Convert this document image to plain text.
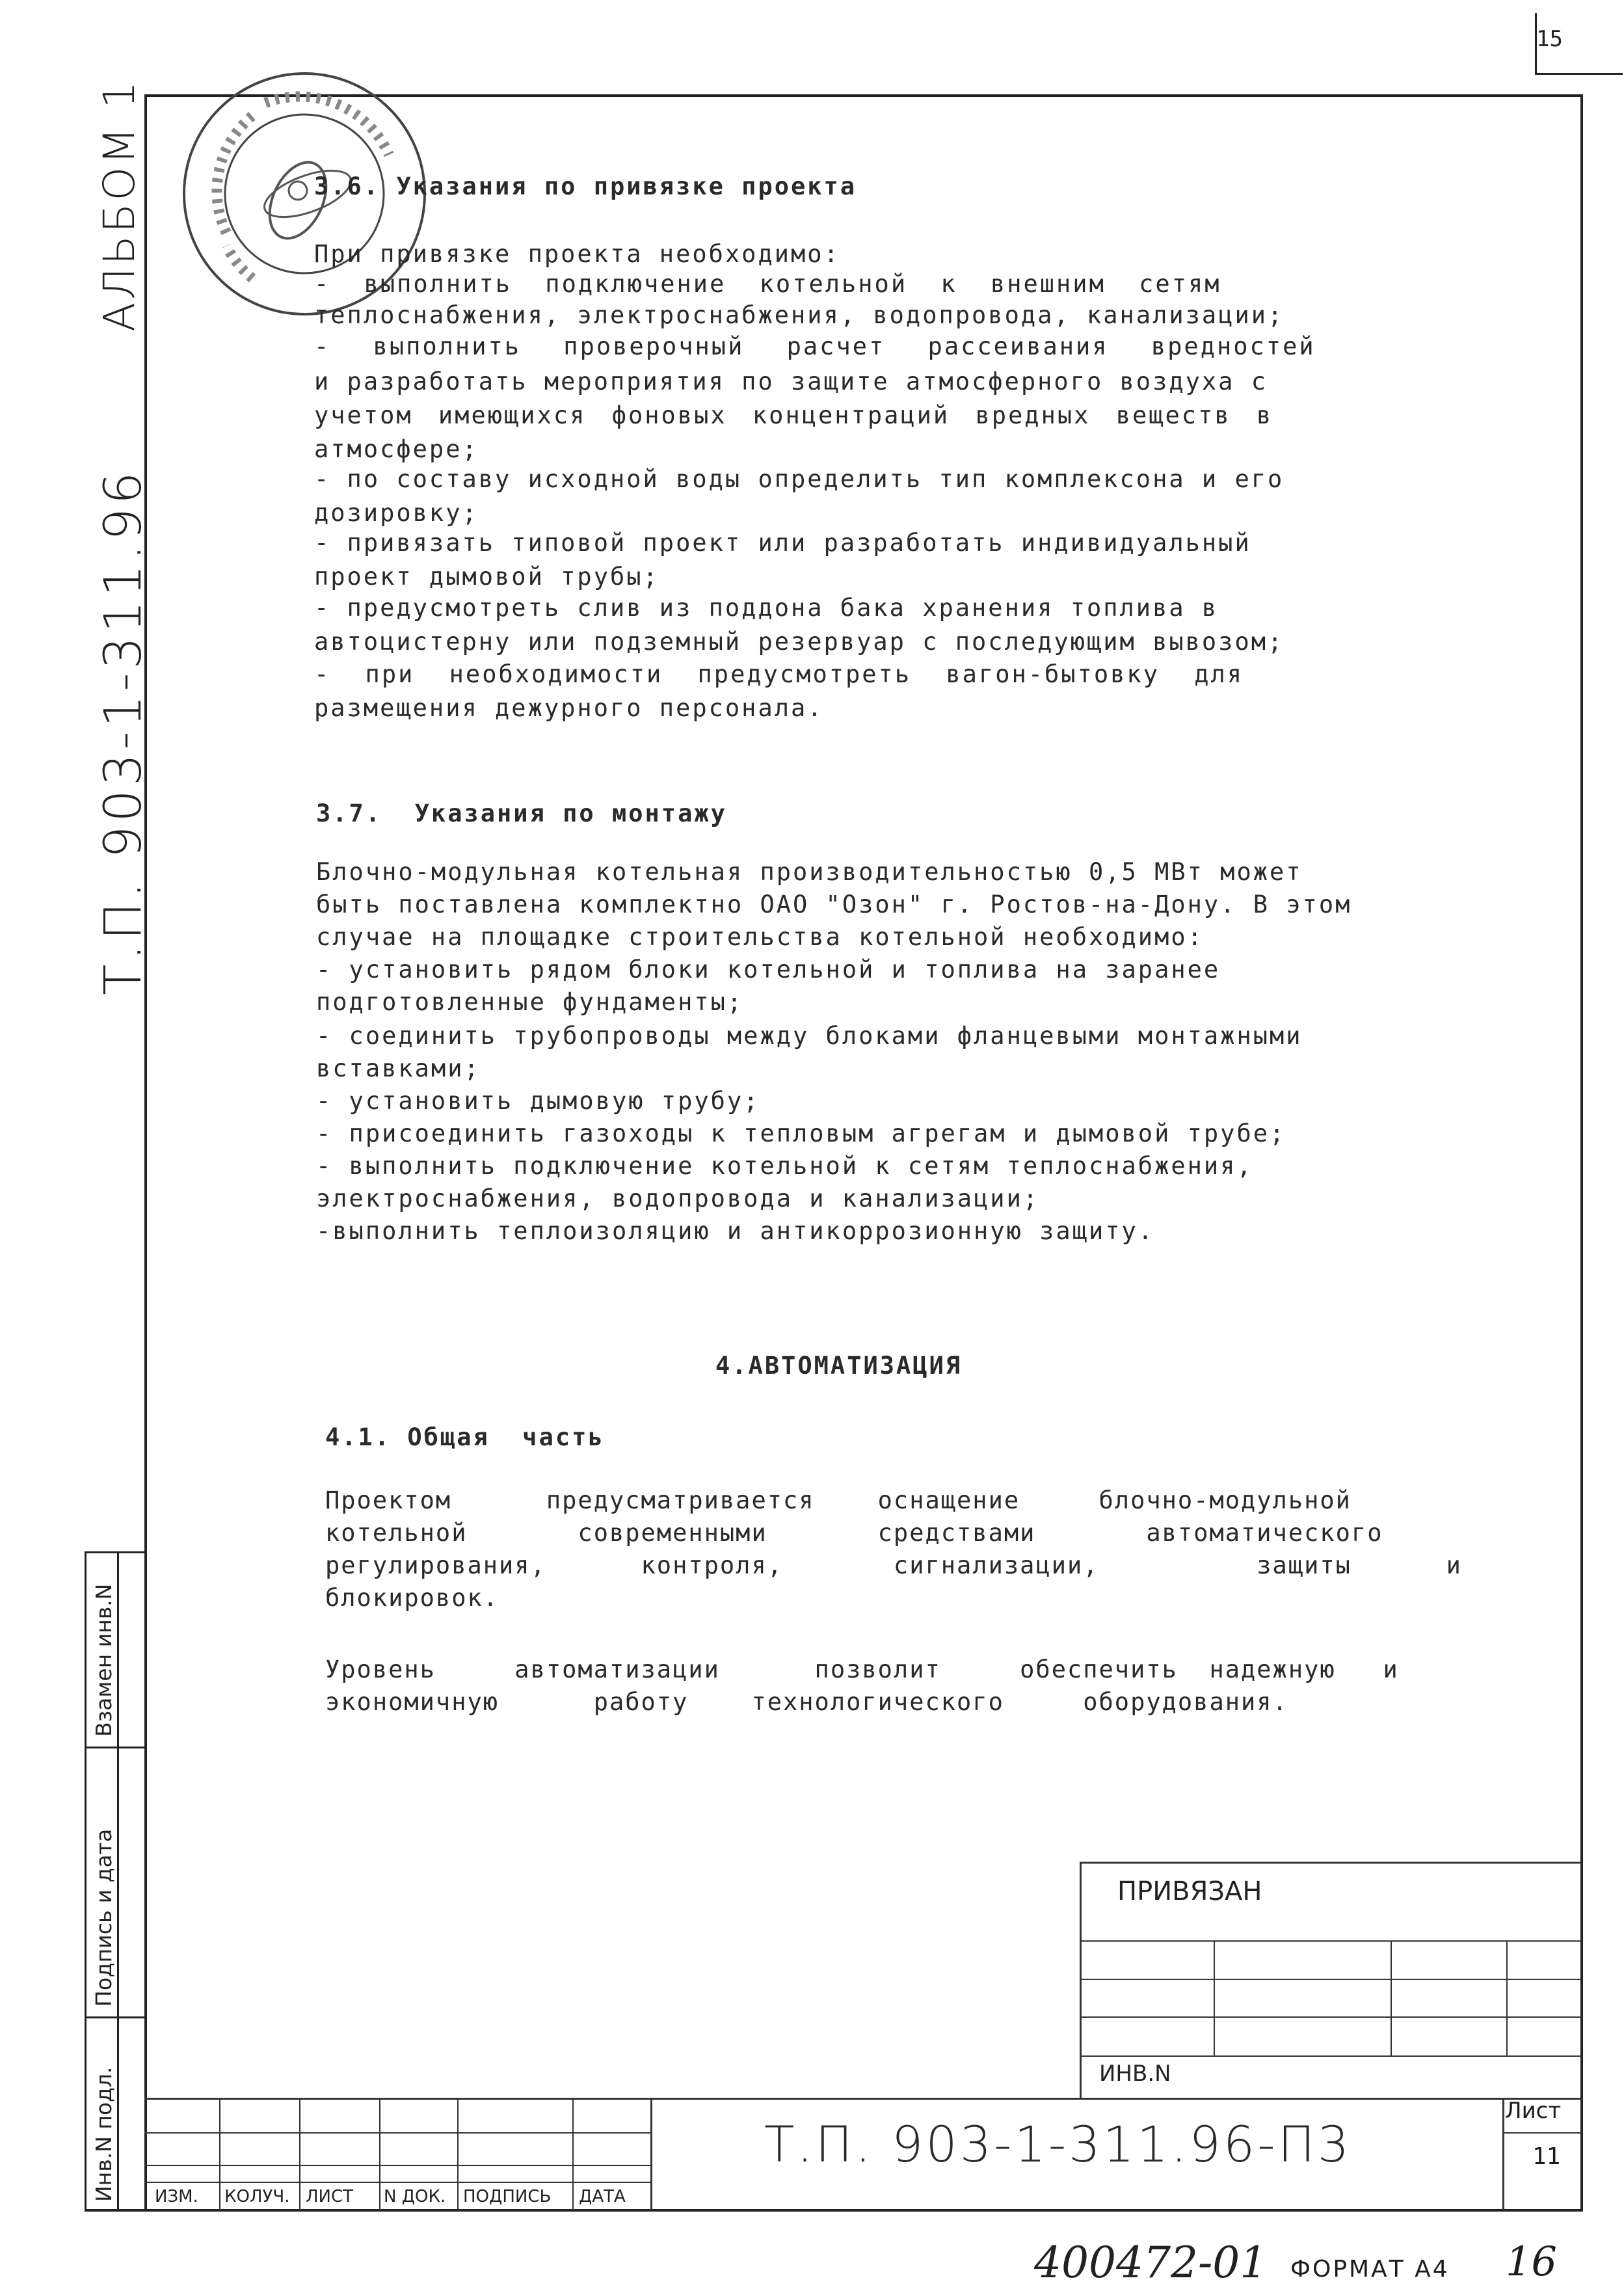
15
АЛЬБОМ 1
Т.П. 903-1-311.96
Взамен инв.N
Подпись и дата
Инв.N подл.
3.6. Указания по привязке проекта
При привязке проекта необходимо:
- выполнить подключение котельной к внешним сетям
теплоснабжения, электроснабжения, водопровода, канализации;
- выполнить проверочный расчет рассеивания вредностей
и разработать мероприятия по защите атмосферного воздуха с
учетом имеющихся фоновых концентраций вредных веществ в
атмосфере;
- по составу исходной воды определить тип комплексона и его
дозировку;
- привязать типовой проект или разработать индивидуальный
проект дымовой трубы;
- предусмотреть слив из поддона бака хранения топлива в
автоцистерну или подземный резервуар с последующим вывозом;
- при необходимости предусмотреть вагон-бытовку для
размещения дежурного персонала.
3.7.  Указания по монтажу
Блочно-модульная котельная производительностью 0,5 МВт может
быть поставлена комплектно ОАО "Озон" г. Ростов-на-Дону. В этом
случае на площадке строительства котельной необходимо:
- установить рядом блоки котельной и топлива на заранее
подготовленные фундаменты;
- соединить трубопроводы между блоками фланцевыми монтажными
вставками;
- установить дымовую трубу;
- присоединить газоходы к тепловым агрегам и дымовой трубе;
- выполнить подключение котельной к сетям теплоснабжения,
электроснабжения, водопровода и канализации;
-выполнить теплоизоляцию и антикоррозионную защиту.
4.АВТОМАТИЗАЦИЯ
4.1. Общая  часть
Проектом      предусматривается    оснащение     блочно-модульной
котельной       современными       средствами       автоматического
регулирования,      контроля,       сигнализации,          защиты      и
блокировок.
Уровень     автоматизации      позволит     обеспечить  надежную   и
экономичную      работу    технологического     оборудования.
ПРИВЯЗАН
ИНВ.N
ИЗМ. КОЛУЧ. ЛИСТ N ДОК. ПОДПИСЬ ДАТА
Т.П. 903-1-311.96-П3
Лист
11
400472-01 ФОРМАТ А4 16
